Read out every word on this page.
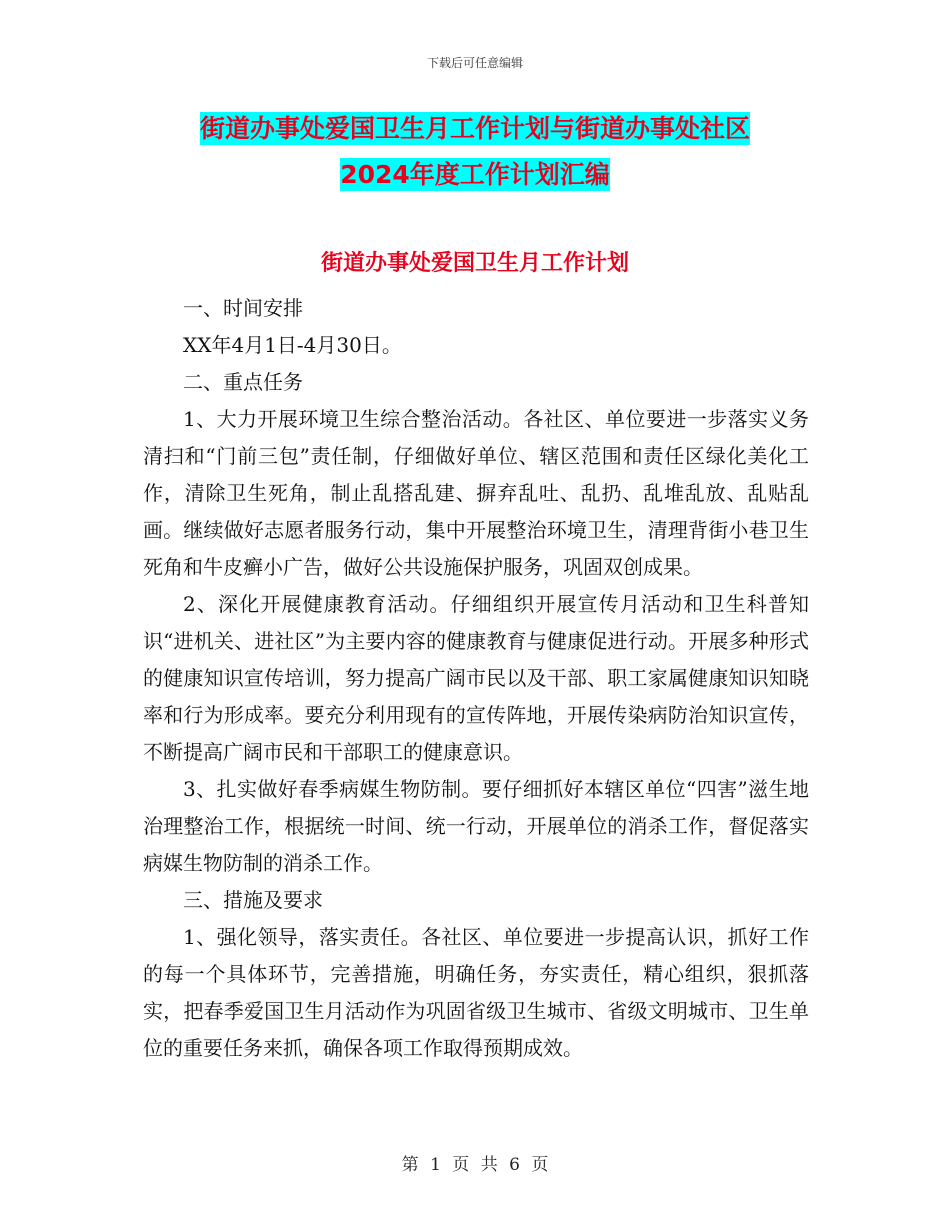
下载后可任意编辑
街道办事处爱国卫生月工作计划与街道办事处社区
2024年度工作计划汇编
街道办事处爱国卫生月工作计划

一、时间安排

XX年4月1日-4月30日。

二、重点任务

1、大力开展环境卫生综合整治活动。各社区、单位要进一步落实义务清扫和“门前三包”责任制，仔细做好单位、辖区范围和责任区绿化美化工作，清除卫生死角，制止乱搭乱建、摒弃乱吐、乱扔、乱堆乱放、乱贴乱画。继续做好志愿者服务行动，集中开展整治环境卫生，清理背街小巷卫生死角和牛皮癣小广告，做好公共设施保护服务，巩固双创成果。

2、深化开展健康教育活动。仔细组织开展宣传月活动和卫生科普知识“进机关、进社区”为主要内容的健康教育与健康促进行动。开展多种形式的健康知识宣传培训，努力提高广阔市民以及干部、职工家属健康知识知晓率和行为形成率。要充分利用现有的宣传阵地，开展传染病防治知识宣传，不断提高广阔市民和干部职工的健康意识。

3、扎实做好春季病媒生物防制。要仔细抓好本辖区单位“四害”滋生地治理整治工作，根据统一时间、统一行动，开展单位的消杀工作，督促落实病媒生物防制的消杀工作。

三、措施及要求

1、强化领导，落实责任。各社区、单位要进一步提高认识，抓好工作的每一个具体环节，完善措施，明确任务，夯实责任，精心组织，狠抓落实，把春季爱国卫生月活动作为巩固省级卫生城市、省级文明城市、卫生单位的重要任务来抓，确保各项工作取得预期成效。

第 1 页 共 6 页
